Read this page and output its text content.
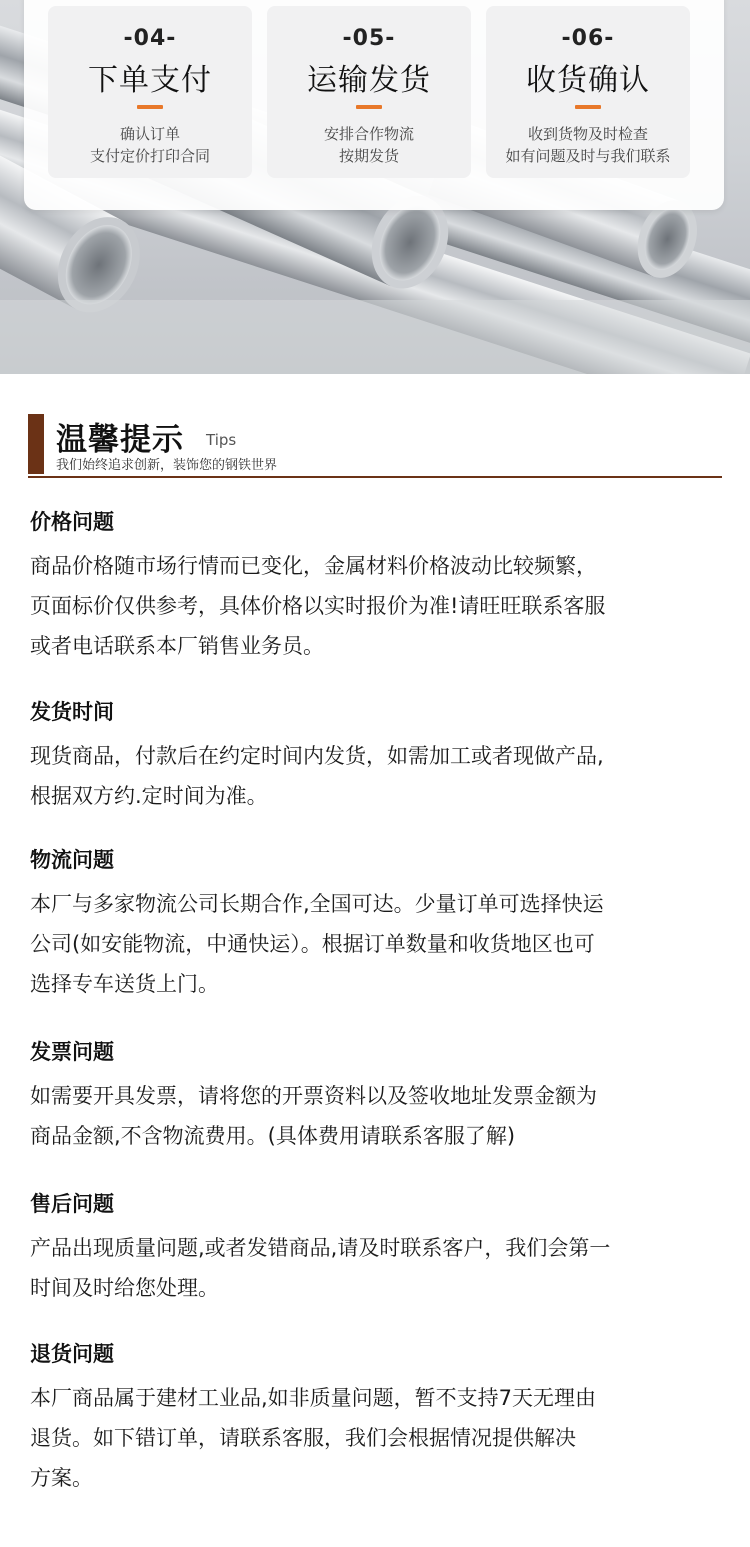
-04-
下单支付
确认订单
支付定价打印合同
-05-
运输发货
安排合作物流
按期发货
-06-
收货确认
收到货物及时检查
如有问题及时与我们联系
温馨提示 Tips
我们始终追求创新，装饰您的钢铁世界
价格问题
商品价格随市场行情而已变化，金属材料价格波动比较频繁，
页面标价仅供参考，具体价格以实时报价为准!请旺旺联系客服
或者电话联系本厂销售业务员。
发货时间
现货商品，付款后在约定时间内发货，如需加工或者现做产品,
根据双方约.定时间为准。
物流问题
本厂与多家物流公司长期合作,全国可达。少量订单可选择快运
公司(如安能物流，中通快运）。根据订单数量和收货地区也可
选择专车送货上门。
发票问题
如需要开具发票，请将您的开票资料以及签收地址发票金额为
商品金额,不含物流费用。(具体费用请联系客服了解)
售后问题
产品出现质量问题,或者发错商品,请及时联系客户，我们会第一
时间及时给您处理。
退货问题
本厂商品属于建材工业品,如非质量问题，暂不支持7天无理由
退货。如下错订单，请联系客服，我们会根据情况提供解决
方案。
